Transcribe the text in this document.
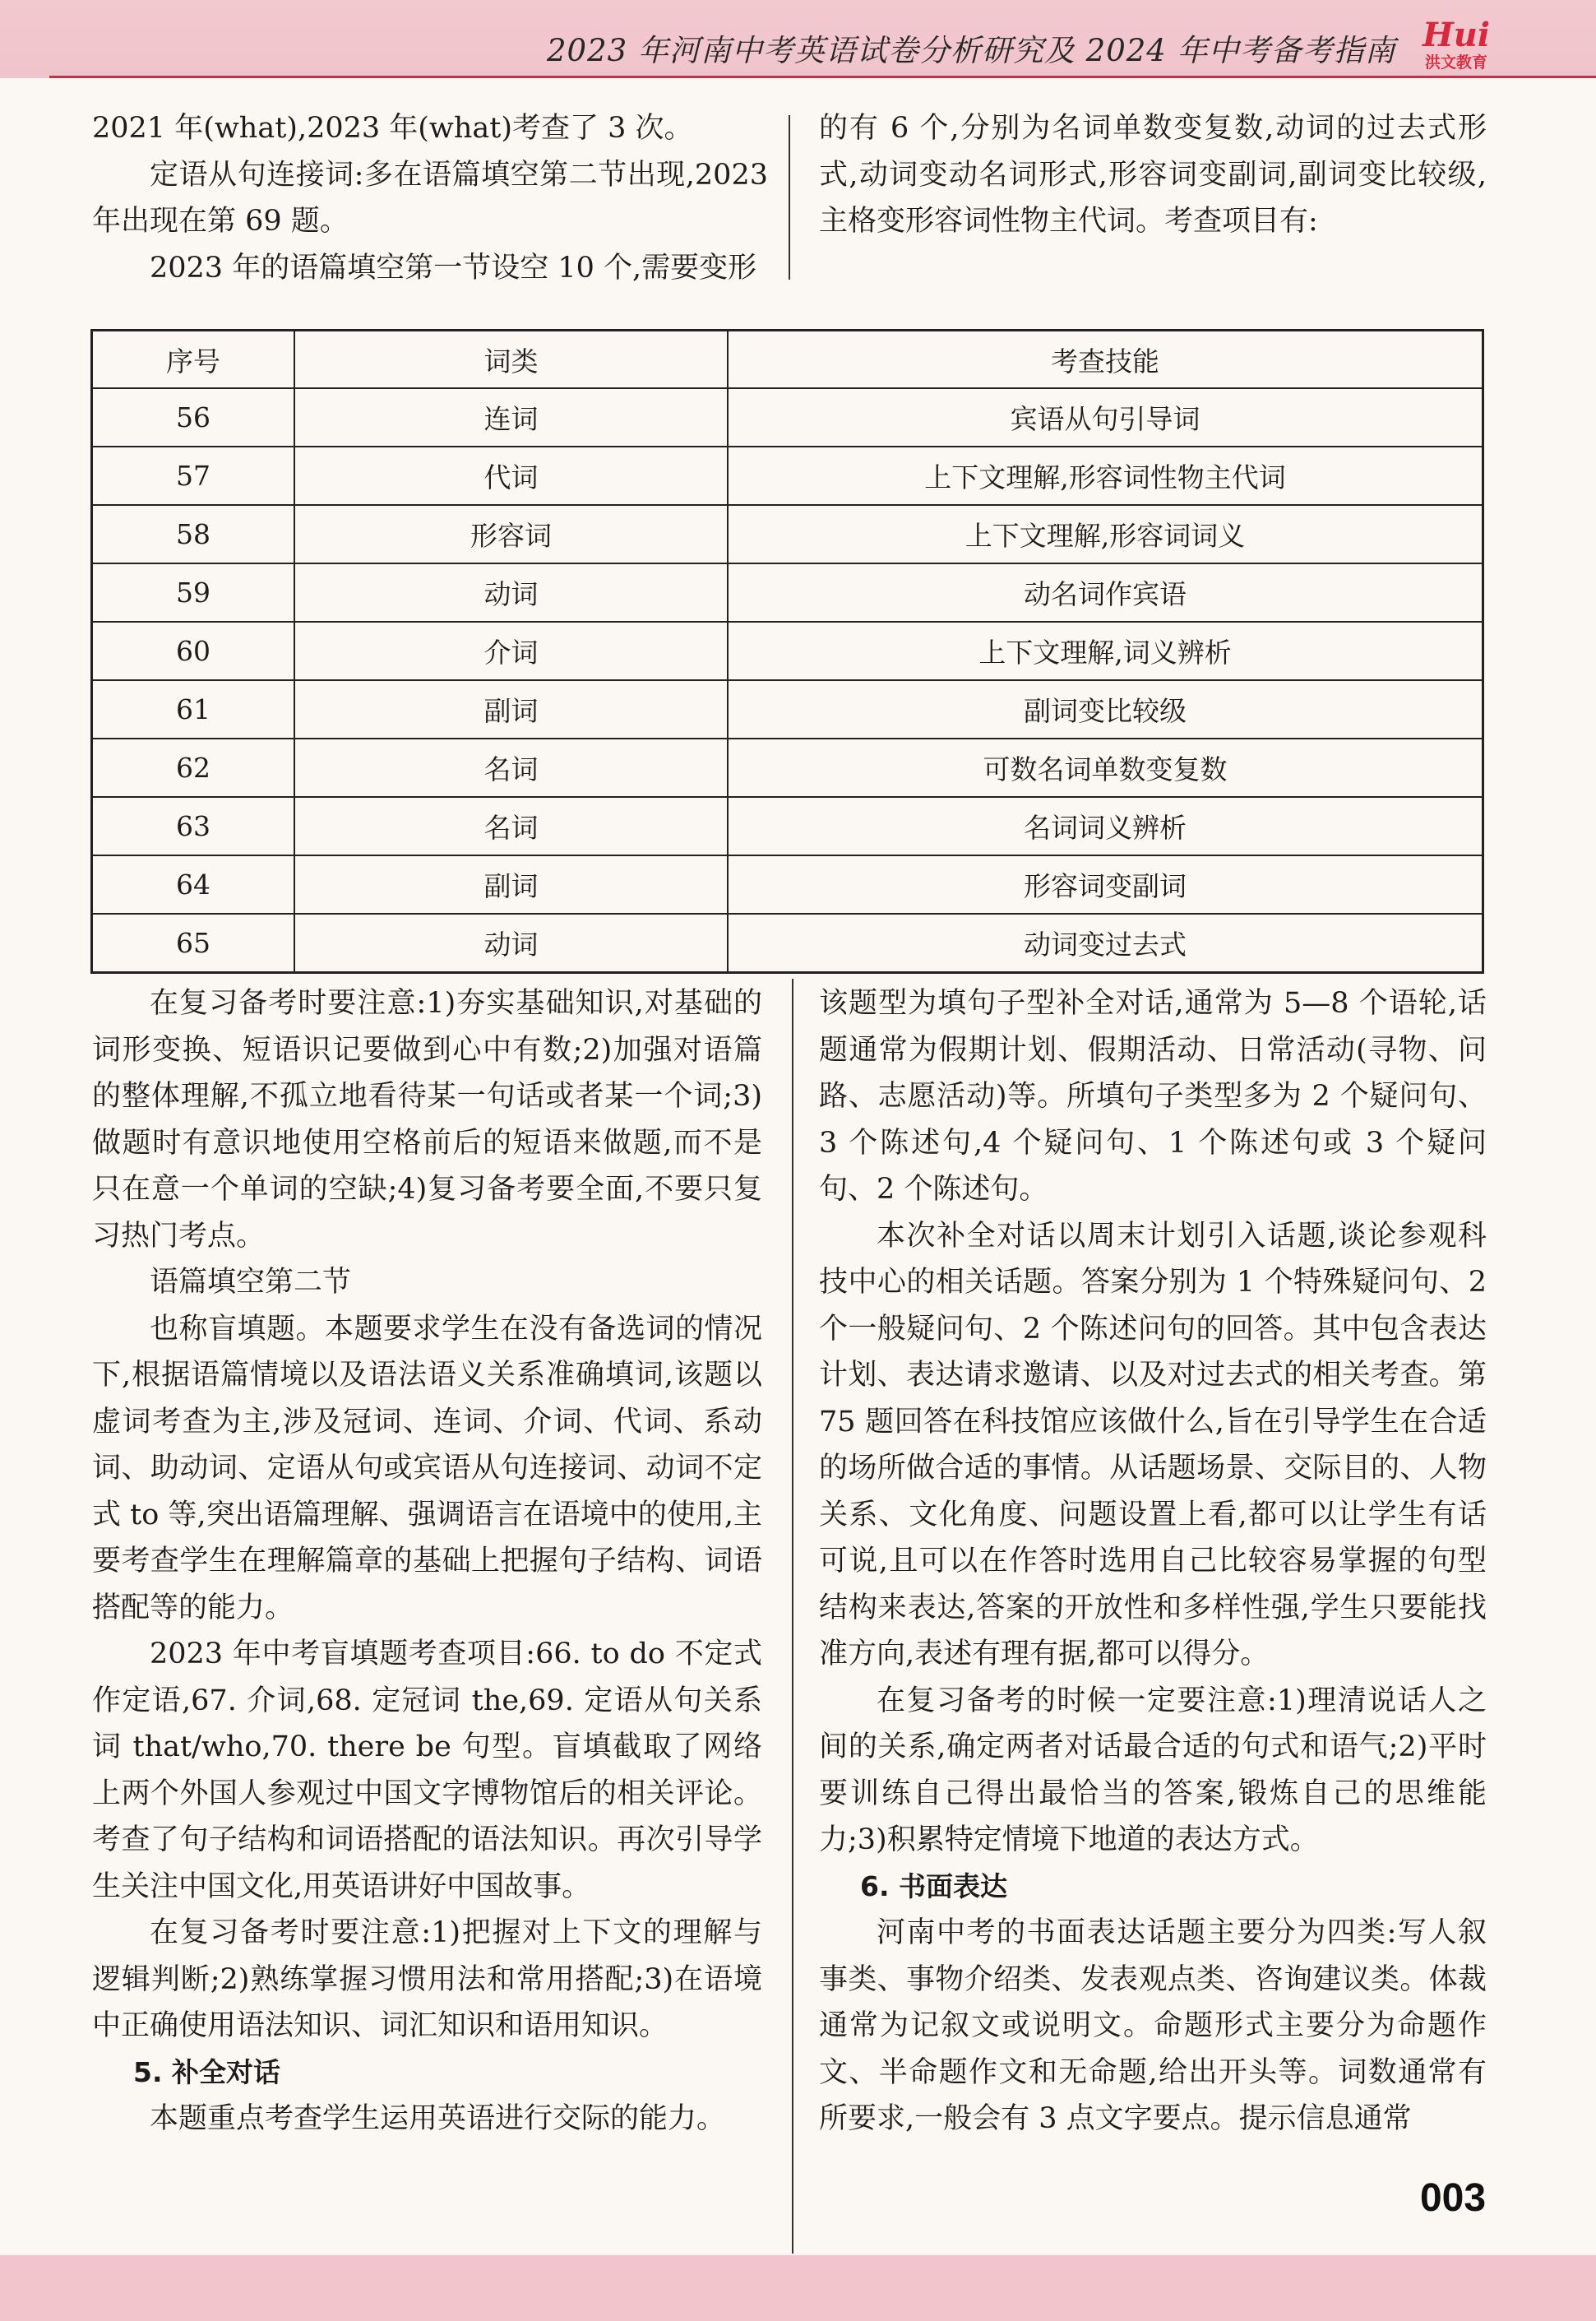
2023 年河南中考英语试卷分析研究及 2024 年中考备考指南 Hui
洪文教育

2021 年(what),2023 年(what)考查了 3 次。

定语从句连接词:多在语篇填空第二节出现,2023 年出现在第 69 题。

2023 年的语篇填空第一节设空 10 个,需要变形

的有 6 个,分别为名词单数变复数,动词的过去式形式,动词变动名词形式,形容词变副词,副词变比较级,主格变形容词性物主代词。考查项目有:

序号	词类	考查技能
56	连词	宾语从句引导词
57	代词	上下文理解,形容词性物主代词
58	形容词	上下文理解,形容词词义
59	动词	动名词作宾语
60	介词	上下文理解,词义辨析
61	副词	副词变比较级
62	名词	可数名词单数变复数
63	名词	名词词义辨析
64	副词	形容词变副词
65	动词	动词变过去式

在复习备考时要注意:1)夯实基础知识,对基础的词形变换、短语识记要做到心中有数;2)加强对语篇的整体理解,不孤立地看待某一句话或者某一个词;3)做题时有意识地使用空格前后的短语来做题,而不是只在意一个单词的空缺;4)复习备考要全面,不要只复习热门考点。

语篇填空第二节

也称盲填题。本题要求学生在没有备选词的情况下,根据语篇情境以及语法语义关系准确填词,该题以虚词考查为主,涉及冠词、连词、介词、代词、系动词、助动词、定语从句或宾语从句连接词、动词不定式 to 等,突出语篇理解、强调语言在语境中的使用,主要考查学生在理解篇章的基础上把握句子结构、词语搭配等的能力。

2023 年中考盲填题考查项目:66. to do 不定式作定语,67. 介词,68. 定冠词 the,69. 定语从句关系词 that/who,70. there be 句型。盲填截取了网络上两个外国人参观过中国文字博物馆后的相关评论。考查了句子结构和词语搭配的语法知识。再次引导学生关注中国文化,用英语讲好中国故事。

在复习备考时要注意:1)把握对上下文的理解与逻辑判断;2)熟练掌握习惯用法和常用搭配;3)在语境中正确使用语法知识、词汇知识和语用知识。

5. 补全对话

本题重点考查学生运用英语进行交际的能力。

该题型为填句子型补全对话,通常为 5—8 个语轮,话题通常为假期计划、假期活动、日常活动(寻物、问路、志愿活动)等。所填句子类型多为 2 个疑问句、3 个陈述句,4 个疑问句、1 个陈述句或 3 个疑问句、2 个陈述句。

本次补全对话以周末计划引入话题,谈论参观科技中心的相关话题。答案分别为 1 个特殊疑问句、2 个一般疑问句、2 个陈述问句的回答。其中包含表达计划、表达请求邀请、以及对过去式的相关考查。第 75 题回答在科技馆应该做什么,旨在引导学生在合适的场所做合适的事情。从话题场景、交际目的、人物关系、文化角度、问题设置上看,都可以让学生有话可说,且可以在作答时选用自己比较容易掌握的句型结构来表达,答案的开放性和多样性强,学生只要能找准方向,表述有理有据,都可以得分。

在复习备考的时候一定要注意:1)理清说话人之间的关系,确定两者对话最合适的句式和语气;2)平时要训练自己得出最恰当的答案,锻炼自己的思维能力;3)积累特定情境下地道的表达方式。

6. 书面表达

河南中考的书面表达话题主要分为四类:写人叙事类、事物介绍类、发表观点类、咨询建议类。体裁通常为记叙文或说明文。命题形式主要分为命题作文、半命题作文和无命题,给出开头等。词数通常有所要求,一般会有 3 点文字要点。提示信息通常

003
